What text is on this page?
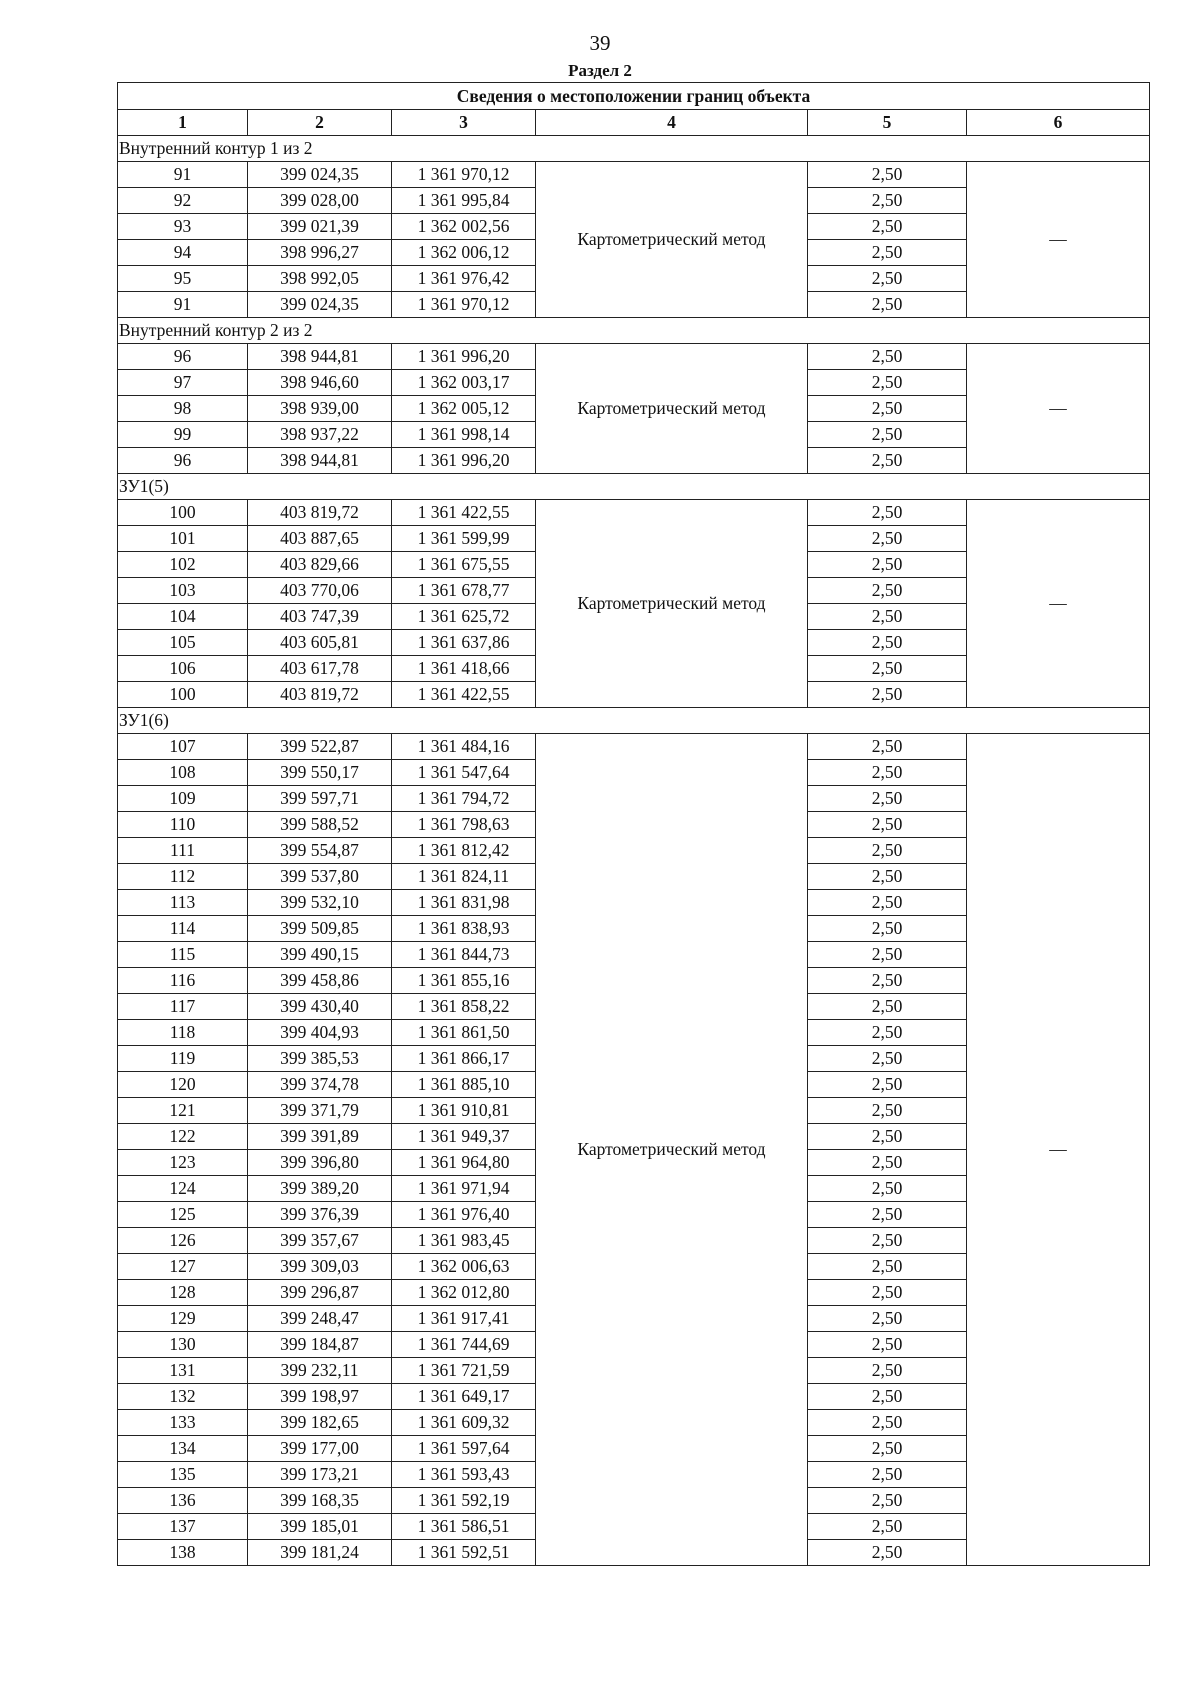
39
Раздел 2
Сведения о местоположении границ объекта					
1	2	3	4	5	6
Внутренний контур 1 из 2					
91	399 024,35	1 361 970,12	Картометрический метод	2,50	—
92	399 028,00	1 361 995,84		2,50	
93	399 021,39	1 362 002,56		2,50	
94	398 996,27	1 362 006,12		2,50	
95	398 992,05	1 361 976,42		2,50	
91	399 024,35	1 361 970,12		2,50	
Внутренний контур 2 из 2					
96	398 944,81	1 361 996,20	Картометрический метод	2,50	—
97	398 946,60	1 362 003,17		2,50	
98	398 939,00	1 362 005,12		2,50	
99	398 937,22	1 361 998,14		2,50	
96	398 944,81	1 361 996,20		2,50	
ЗУ1(5)					
100	403 819,72	1 361 422,55	Картометрический метод	2,50	—
101	403 887,65	1 361 599,99		2,50	
102	403 829,66	1 361 675,55		2,50	
103	403 770,06	1 361 678,77		2,50	
104	403 747,39	1 361 625,72		2,50	
105	403 605,81	1 361 637,86		2,50	
106	403 617,78	1 361 418,66		2,50	
100	403 819,72	1 361 422,55		2,50	
ЗУ1(6)					
107	399 522,87	1 361 484,16	Картометрический метод	2,50	—
108	399 550,17	1 361 547,64		2,50	
109	399 597,71	1 361 794,72		2,50	
110	399 588,52	1 361 798,63		2,50	
111	399 554,87	1 361 812,42		2,50	
112	399 537,80	1 361 824,11		2,50	
113	399 532,10	1 361 831,98		2,50	
114	399 509,85	1 361 838,93		2,50	
115	399 490,15	1 361 844,73		2,50	
116	399 458,86	1 361 855,16		2,50	
117	399 430,40	1 361 858,22		2,50	
118	399 404,93	1 361 861,50		2,50	
119	399 385,53	1 361 866,17		2,50	
120	399 374,78	1 361 885,10		2,50	
121	399 371,79	1 361 910,81		2,50	
122	399 391,89	1 361 949,37		2,50	
123	399 396,80	1 361 964,80		2,50	
124	399 389,20	1 361 971,94		2,50	
125	399 376,39	1 361 976,40		2,50	
126	399 357,67	1 361 983,45		2,50	
127	399 309,03	1 362 006,63		2,50	
128	399 296,87	1 362 012,80		2,50	
129	399 248,47	1 361 917,41		2,50	
130	399 184,87	1 361 744,69		2,50	
131	399 232,11	1 361 721,59		2,50	
132	399 198,97	1 361 649,17		2,50	
133	399 182,65	1 361 609,32		2,50	
134	399 177,00	1 361 597,64		2,50	
135	399 173,21	1 361 593,43		2,50	
136	399 168,35	1 361 592,19		2,50	
137	399 185,01	1 361 586,51		2,50	
138	399 181,24	1 361 592,51		2,50	
